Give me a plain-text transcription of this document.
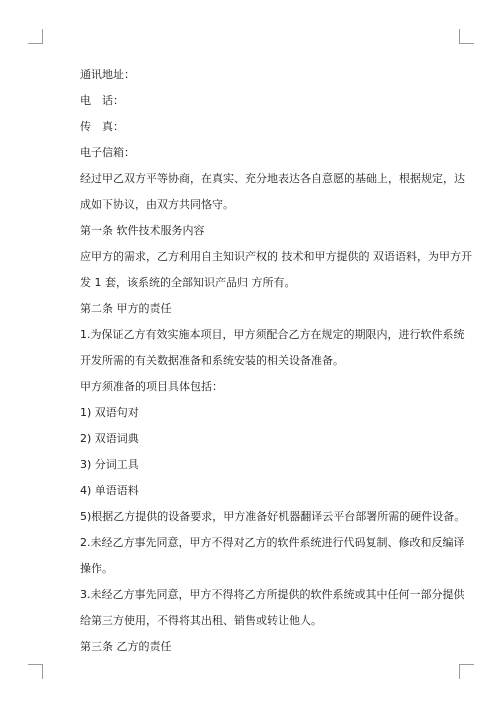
通讯地址：
电　话：
传　真：
电子信箱：
经过甲乙双方平等协商，在真实、充分地表达各自意愿的基础上，根据规定，达
成如下协议，由双方共同恪守。
第一条 软件技术服务内容
应甲方的需求，乙方利用自主知识产权的 技术和甲方提供的 双语语料，为甲方开
发 1 套，该系统的全部知识产品归 方所有。
第二条 甲方的责任
1.为保证乙方有效实施本项目，甲方须配合乙方在规定的期限内，进行软件系统
开发所需的有关数据准备和系统安装的相关设备准备。
甲方须准备的项目具体包括：
1) 双语句对
2) 双语词典
3) 分词工具
4) 单语语料
5)根据乙方提供的设备要求，甲方准备好机器翻译云平台部署所需的硬件设备。
2.未经乙方事先同意，甲方不得对乙方的软件系统进行代码复制、修改和反编译
操作。
3.未经乙方事先同意，甲方不得将乙方所提供的软件系统或其中任何一部分提供
给第三方使用，不得将其出租、销售或转让他人。
第三条 乙方的责任
